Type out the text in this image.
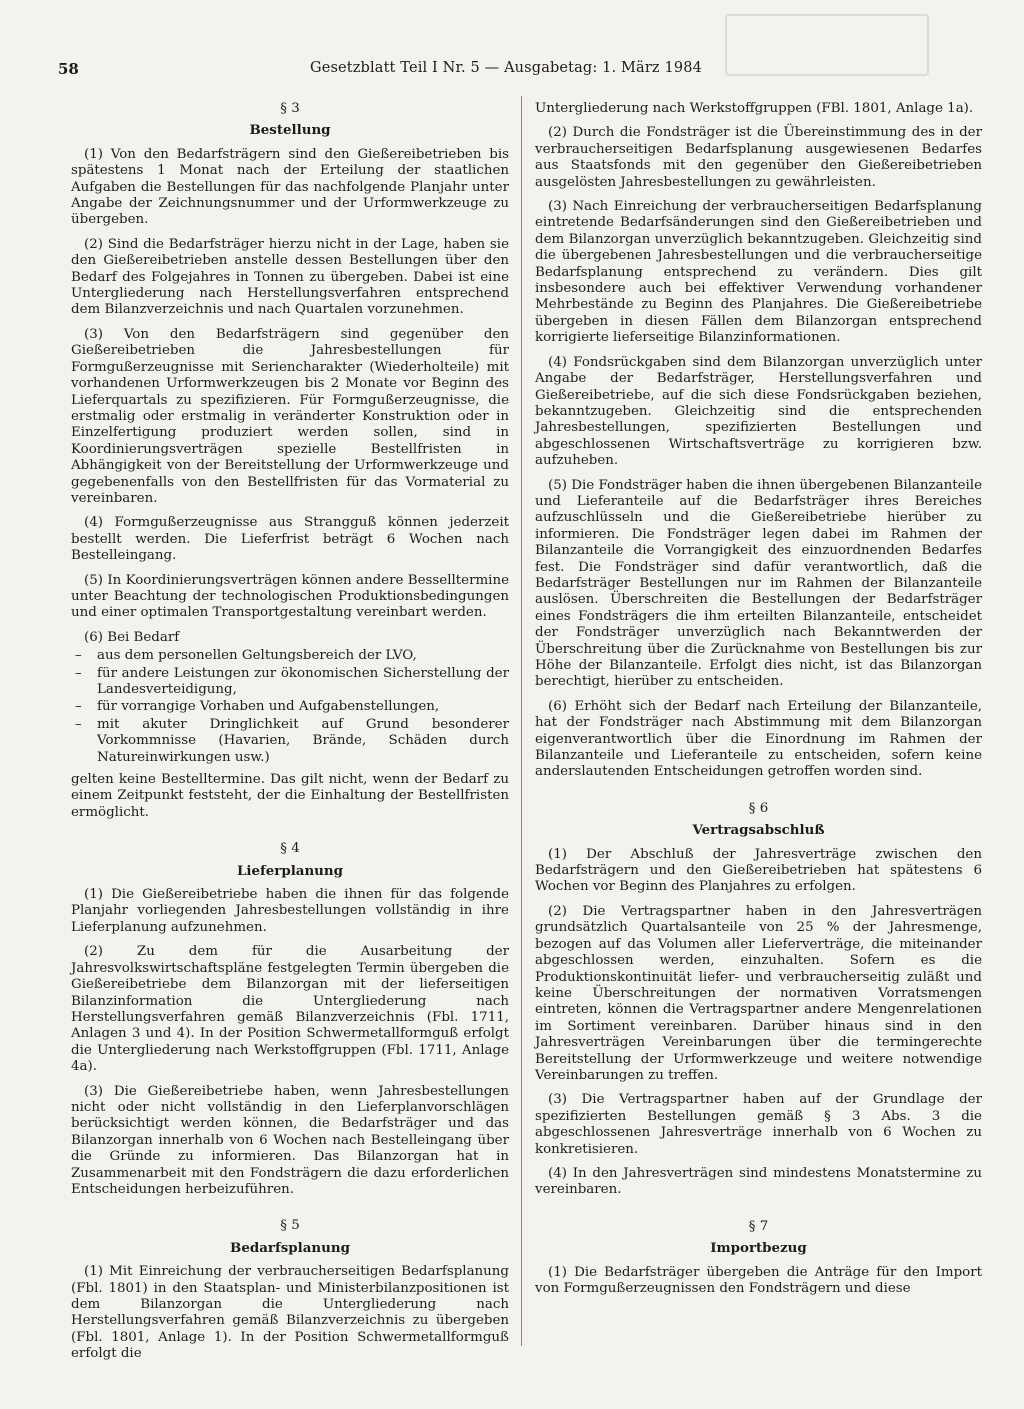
58	Gesetzblatt Teil I Nr. 5 — Ausgabetag: 1. März 1984

§ 3

Bestellung

(1) Von den Bedarfsträgern sind den Gießereibetrieben bis spätestens 1 Monat nach der Erteilung der staatlichen Aufgaben die Bestellungen für das nachfolgende Planjahr unter Angabe der Zeichnungsnummer und der Urformwerkzeuge zu übergeben.

(2) Sind die Bedarfsträger hierzu nicht in der Lage, haben sie den Gießereibetrieben anstelle dessen Bestellungen über den Bedarf des Folgejahres in Tonnen zu übergeben. Dabei ist eine Untergliederung nach Herstellungsverfahren entsprechend dem Bilanzverzeichnis und nach Quartalen vorzunehmen.

(3) Von den Bedarfsträgern sind gegenüber den Gießereibetrieben die Jahresbestellungen für Formgußerzeugnisse mit Seriencharakter (Wiederholteile) mit vorhandenen Urformwerkzeugen bis 2 Monate vor Beginn des Lieferquartals zu spezifizieren. Für Formgußerzeugnisse, die erstmalig oder erstmalig in veränderter Konstruktion oder in Einzelfertigung produziert werden sollen, sind in Koordinierungsverträgen spezielle Bestellfristen in Abhängigkeit von der Bereitstellung der Urformwerkzeuge und gegebenenfalls von den Bestellfristen für das Vormaterial zu vereinbaren.

(4) Formgußerzeugnisse aus Strangguß können jederzeit bestellt werden. Die Lieferfrist beträgt 6 Wochen nach Bestelleingang.

(5) In Koordinierungsverträgen können andere Besselltermine unter Beachtung der technologischen Produktionsbedingungen und einer optimalen Transportgestaltung vereinbart werden.

(6) Bei Bedarf

– aus dem personellen Geltungsbereich der LVO,
– für andere Leistungen zur ökonomischen Sicherstellung der Landesverteidigung,
– für vorrangige Vorhaben und Aufgabenstellungen,
– mit akuter Dringlichkeit auf Grund besonderer Vorkommnisse (Havarien, Brände, Schäden durch Natureinwirkungen usw.)

gelten keine Bestelltermine. Das gilt nicht, wenn der Bedarf zu einem Zeitpunkt feststeht, der die Einhaltung der Bestellfristen ermöglicht.

§ 4

Lieferplanung

(1) Die Gießereibetriebe haben die ihnen für das folgende Planjahr vorliegenden Jahresbestellungen vollständig in ihre Lieferplanung aufzunehmen.

(2) Zu dem für die Ausarbeitung der Jahresvolkswirtschaftspläne festgelegten Termin übergeben die Gießereibetriebe dem Bilanzorgan mit der lieferseitigen Bilanzinformation die Untergliederung nach Herstellungsverfahren gemäß Bilanzverzeichnis (Fbl. 1711, Anlagen 3 und 4). In der Position Schwermetallformguß erfolgt die Untergliederung nach Werkstoffgruppen (Fbl. 1711, Anlage 4a).

(3) Die Gießereibetriebe haben, wenn Jahresbestellungen nicht oder nicht vollständig in den Lieferplanvorschlägen berücksichtigt werden können, die Bedarfsträger und das Bilanzorgan innerhalb von 6 Wochen nach Bestelleingang über die Gründe zu informieren. Das Bilanzorgan hat in Zusammenarbeit mit den Fondsträgern die dazu erforderlichen Entscheidungen herbeizuführen.

§ 5

Bedarfsplanung

(1) Mit Einreichung der verbraucherseitigen Bedarfsplanung (Fbl. 1801) in den Staatsplan- und Ministerbilanzpositionen ist dem Bilanzorgan die Untergliederung nach Herstellungsverfahren gemäß Bilanzverzeichnis zu übergeben (Fbl. 1801, Anlage 1). In der Position Schwermetallformguß erfolgt die

Untergliederung nach Werkstoffgruppen (FBl. 1801, Anlage 1a).

(2) Durch die Fondsträger ist die Übereinstimmung des in der verbraucherseitigen Bedarfsplanung ausgewiesenen Bedarfes aus Staatsfonds mit den gegenüber den Gießereibetrieben ausgelösten Jahresbestellungen zu gewährleisten.

(3) Nach Einreichung der verbraucherseitigen Bedarfsplanung eintretende Bedarfsänderungen sind den Gießereibetrieben und dem Bilanzorgan unverzüglich bekanntzugeben. Gleichzeitig sind die übergebenen Jahresbestellungen und die verbraucherseitige Bedarfsplanung entsprechend zu verändern. Dies gilt insbesondere auch bei effektiver Verwendung vorhandener Mehrbestände zu Beginn des Planjahres. Die Gießereibetriebe übergeben in diesen Fällen dem Bilanzorgan entsprechend korrigierte lieferseitige Bilanzinformationen.

(4) Fondsrückgaben sind dem Bilanzorgan unverzüglich unter Angabe der Bedarfsträger, Herstellungsverfahren und Gießereibetriebe, auf die sich diese Fondsrückgaben beziehen, bekanntzugeben. Gleichzeitig sind die entsprechenden Jahresbestellungen, spezifizierten Bestellungen und abgeschlossenen Wirtschaftsverträge zu korrigieren bzw. aufzuheben.

(5) Die Fondsträger haben die ihnen übergebenen Bilanzanteile und Lieferanteile auf die Bedarfsträger ihres Bereiches aufzuschlüsseln und die Gießereibetriebe hierüber zu informieren. Die Fondsträger legen dabei im Rahmen der Bilanzanteile die Vorrangigkeit des einzuordnenden Bedarfes fest. Die Fondsträger sind dafür verantwortlich, daß die Bedarfsträger Bestellungen nur im Rahmen der Bilanzanteile auslösen. Überschreiten die Bestellungen der Bedarfsträger eines Fondsträgers die ihm erteilten Bilanzanteile, entscheidet der Fondsträger unverzüglich nach Bekanntwerden der Überschreitung über die Zurücknahme von Bestellungen bis zur Höhe der Bilanzanteile. Erfolgt dies nicht, ist das Bilanzorgan berechtigt, hierüber zu entscheiden.

(6) Erhöht sich der Bedarf nach Erteilung der Bilanzanteile, hat der Fondsträger nach Abstimmung mit dem Bilanzorgan eigenverantwortlich über die Einordnung im Rahmen der Bilanzanteile und Lieferanteile zu entscheiden, sofern keine anderslautenden Entscheidungen getroffen worden sind.

§ 6

Vertragsabschluß

(1) Der Abschluß der Jahresverträge zwischen den Bedarfsträgern und den Gießereibetrieben hat spätestens 6 Wochen vor Beginn des Planjahres zu erfolgen.

(2) Die Vertragspartner haben in den Jahresverträgen grundsätzlich Quartalsanteile von 25 % der Jahresmenge, bezogen auf das Volumen aller Lieferverträge, die miteinander abgeschlossen werden, einzuhalten. Sofern es die Produktionskontinuität liefer- und verbraucherseitig zuläßt und keine Überschreitungen der normativen Vorratsmengen eintreten, können die Vertragspartner andere Mengenrelationen im Sortiment vereinbaren. Darüber hinaus sind in den Jahresverträgen Vereinbarungen über die termingerechte Bereitstellung der Urformwerkzeuge und weitere notwendige Vereinbarungen zu treffen.

(3) Die Vertragspartner haben auf der Grundlage der spezifizierten Bestellungen gemäß § 3 Abs. 3 die abgeschlossenen Jahresverträge innerhalb von 6 Wochen zu konkretisieren.

(4) In den Jahresverträgen sind mindestens Monatstermine zu vereinbaren.

§ 7

Importbezug

(1) Die Bedarfsträger übergeben die Anträge für den Import von Formgußerzeugnissen den Fondsträgern und diese
